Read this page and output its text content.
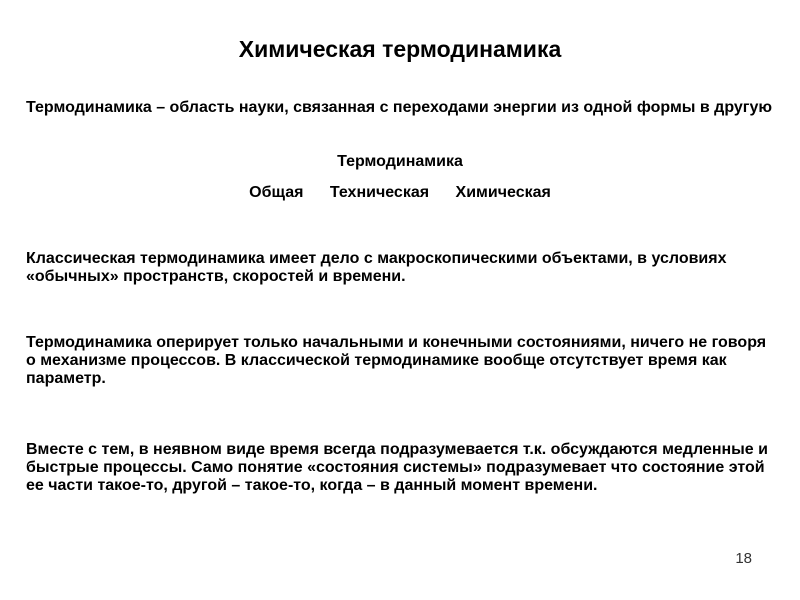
Химическая термодинамика
Термодинамика – область науки, связанная с переходами энергии из одной формы в другую
Термодинамика
Общая Техническая Химическая
Классическая термодинамика имеет дело с макроскопическими объектами, в условиях «обычных» пространств, скоростей и времени.
Термодинамика оперирует только начальными и конечными состояниями, ничего не говоря о механизме процессов. В классической термодинамике вообще отсутствует время как параметр.
Вместе с тем, в неявном виде время всегда подразумевается т.к. обсуждаются медленные и быстрые процессы. Само понятие «состояния системы» подразумевает что состояние этой ее части такое-то, другой – такое-то, когда – в данный момент времени.
18
